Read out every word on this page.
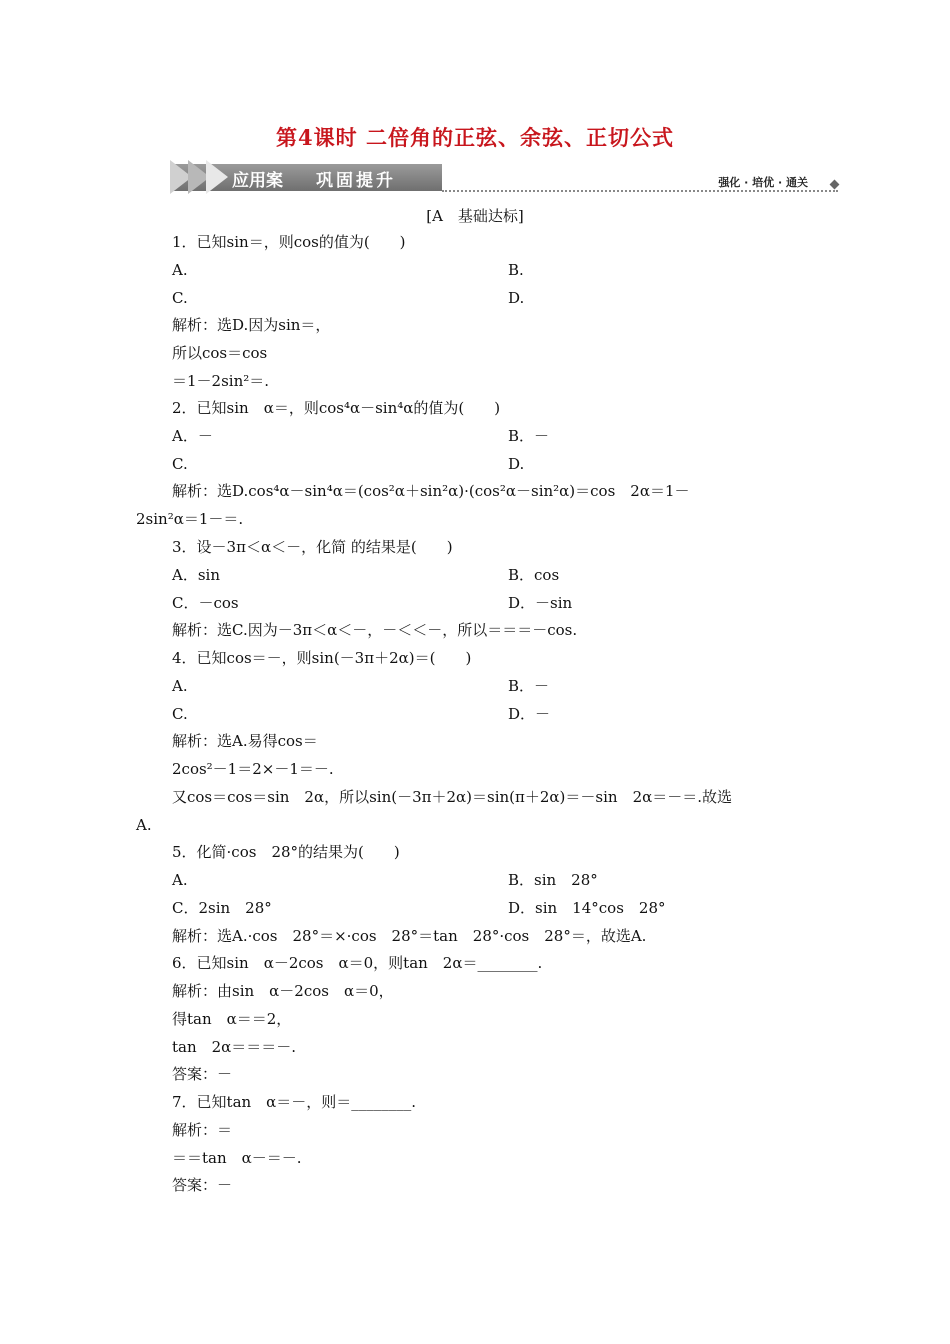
第4课时 二倍角的正弦、余弦、正切公式
应用案 巩固提升	强化 · 培优 · 通关
[A　基础达标]
1．已知sin＝，则cos的值为(　　)
A.	B.
C.	D.
解析：选D.因为sin＝，
所以cos＝cos
＝1－2sin²＝.
2．已知sin　α＝，则cos⁴α－sin⁴α的值为(　　)
A．－	B．－
C.	D.
解析：选D.cos⁴α－sin⁴α＝(cos²α＋sin²α)·(cos²α－sin²α)＝cos　2α＝1－
2sin²α＝1－＝.
3．设－3π＜α＜－，化简 的结果是(　　)
A．sin	B．cos
C．－cos	D．－sin
解析：选C.因为－3π＜α＜－，－＜＜－，所以＝＝＝－cos.
4．已知cos＝－，则sin(－3π＋2α)＝(　　)
A.	B．－
C.	D．－
解析：选A.易得cos＝
2cos²－1＝2×－1＝－.
又cos＝cos＝sin　2α，所以sin(－3π＋2α)＝sin(π＋2α)＝－sin　2α＝－＝.故选
A.
5．化简·cos　28°的结果为(　　)
A.	B．sin　28°
C．2sin　28°	D．sin　14°cos　28°
解析：选A.·cos　28°＝×·cos　28°＝tan　28°·cos　28°＝，故选A.
6．已知sin　α－2cos　α＝0，则tan　2α＝________.
解析：由sin　α－2cos　α＝0，
得tan　α＝＝2，
tan　2α＝＝＝－.
答案：－
7．已知tan　α＝－，则＝________.
解析：＝
＝＝tan　α－＝－.
答案：－
